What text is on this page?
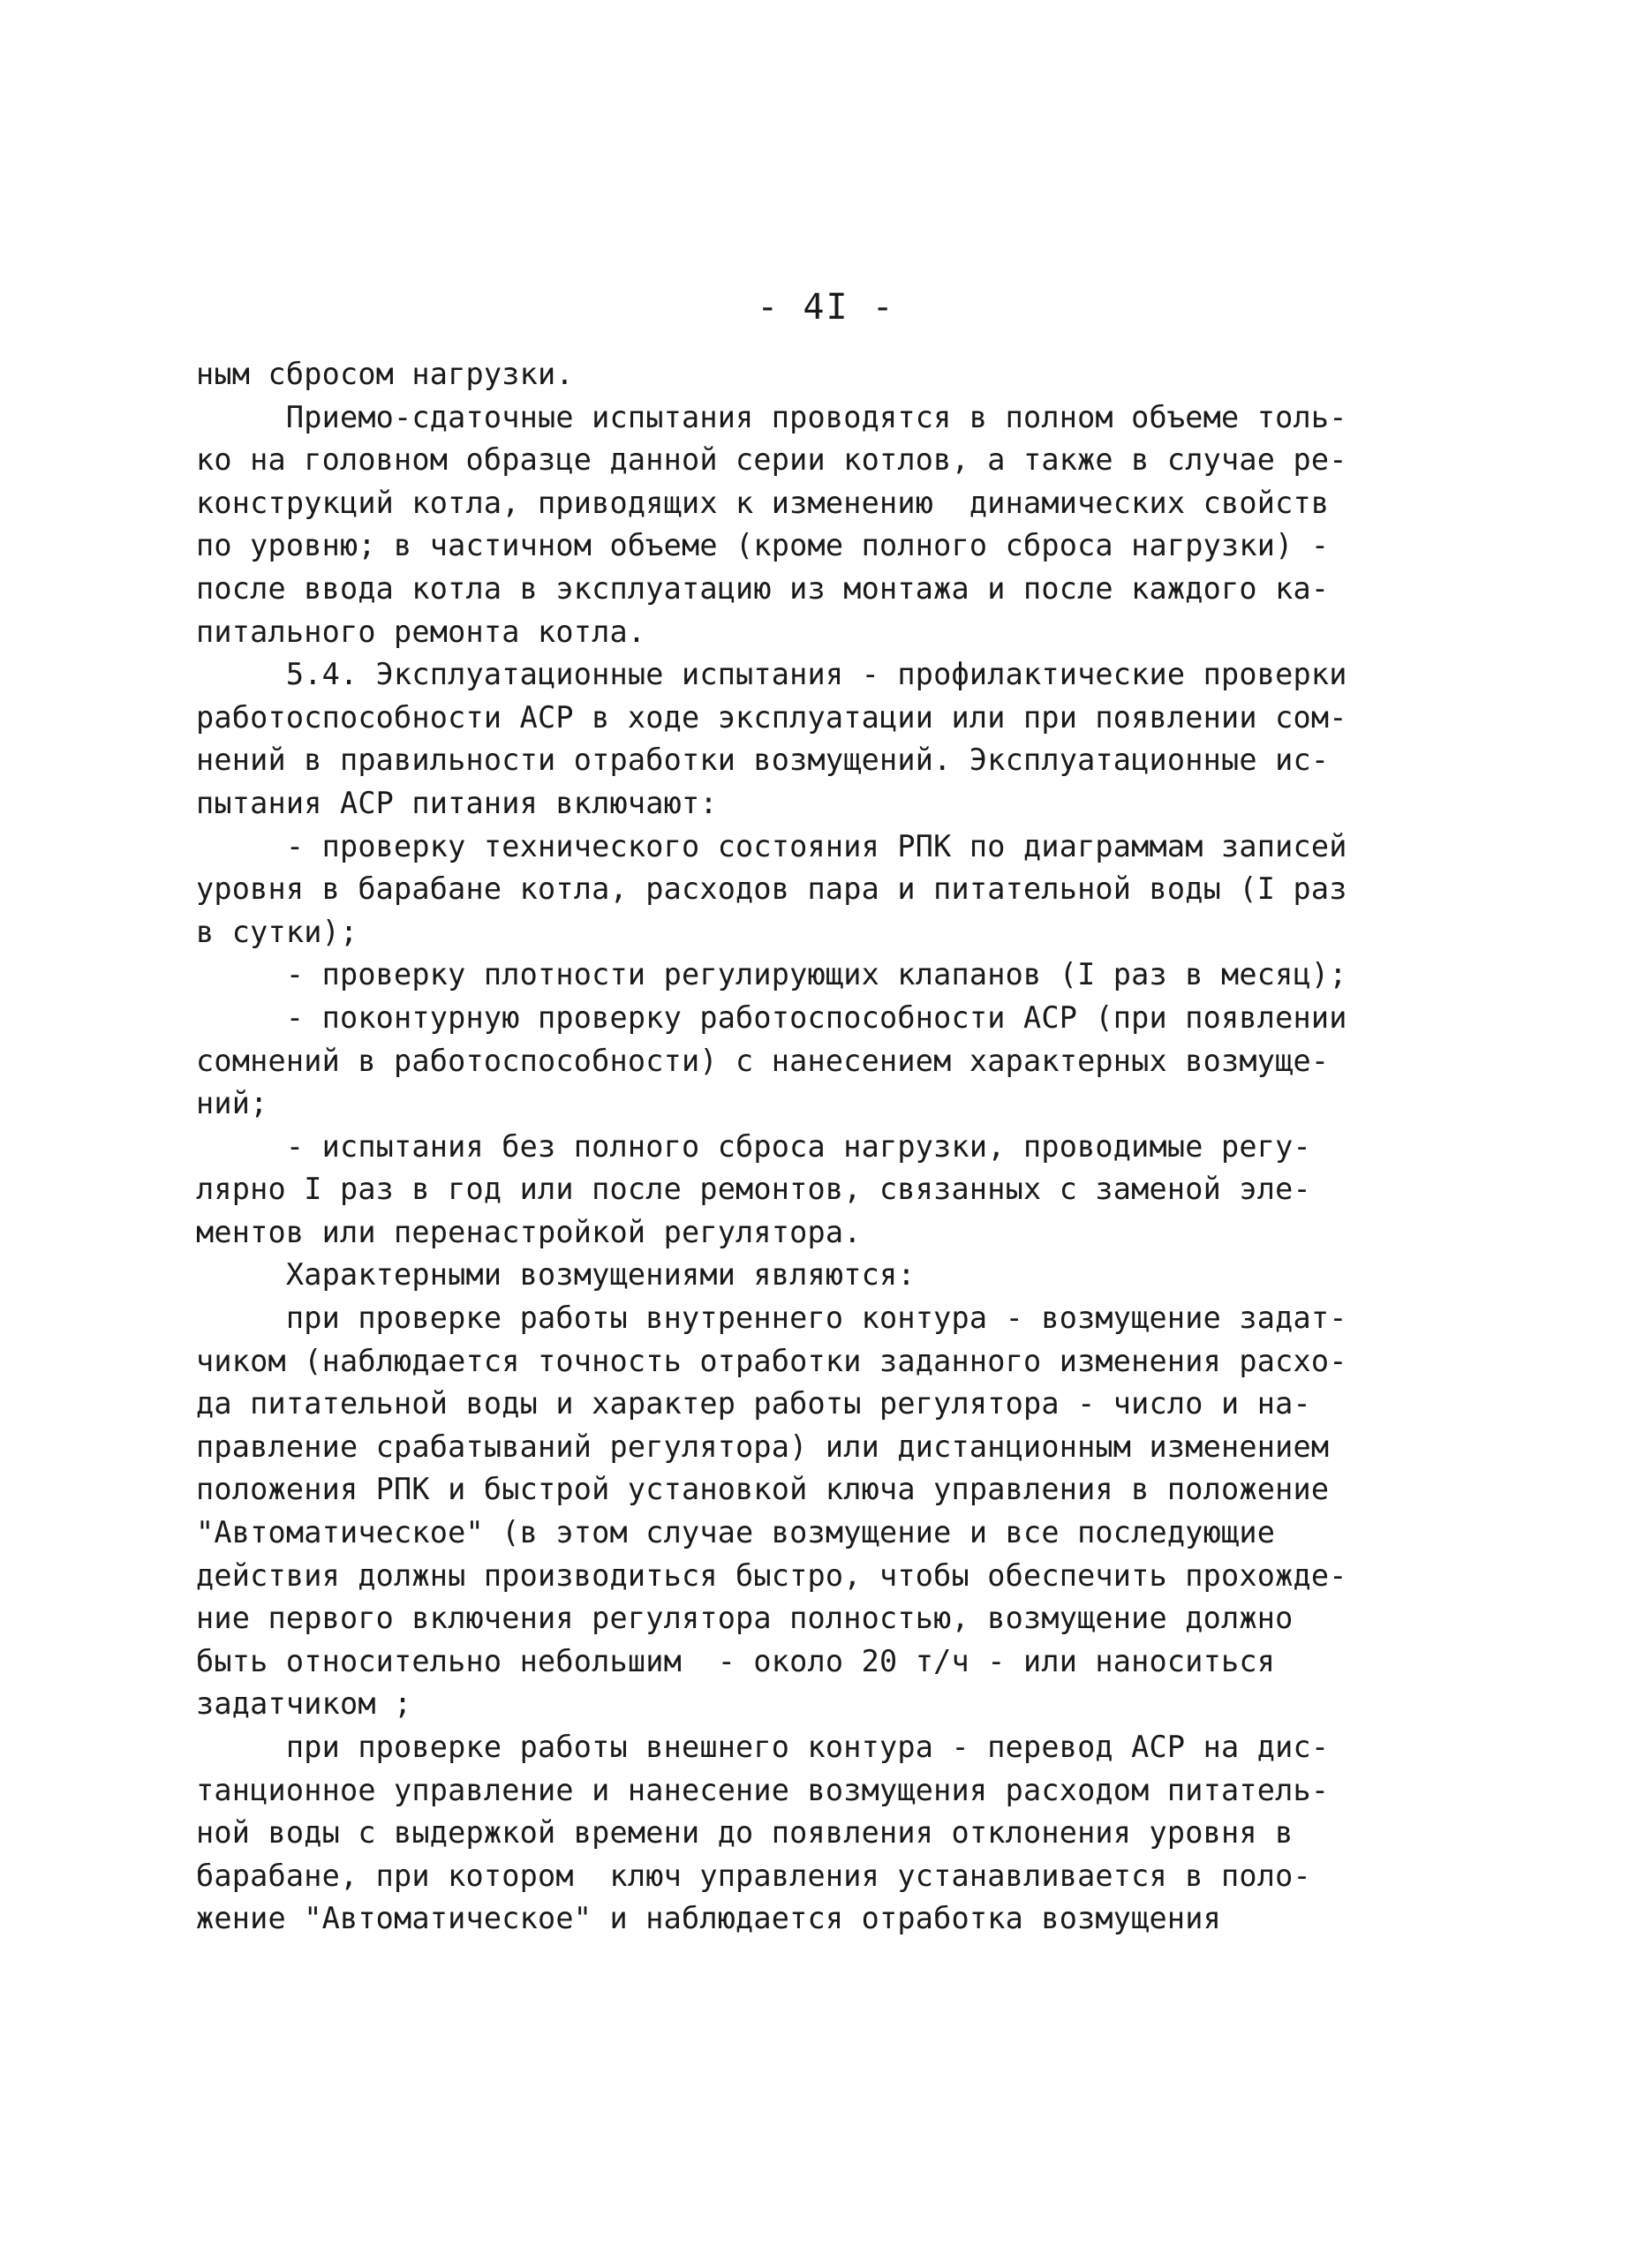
- 4I -
ным сбросом нагрузки.
Приемо-сдаточные испытания проводятся в полном объеме толь-
ко на головном образце данной серии котлов, а также в случае ре-
конструкций котла, приводящих к изменению  динамических свойств
по уровню; в частичном объеме (кроме полного сброса нагрузки) -
после ввода котла в эксплуатацию из монтажа и после каждого ка-
питального ремонта котла.
5.4. Эксплуатационные испытания - профилактические проверки
работоспособности АСР в ходе эксплуатации или при появлении сом-
нений в правильности отработки возмущений. Эксплуатационные ис-
пытания АСР питания включают:
- проверку технического состояния РПК по диаграммам записей
уровня в барабане котла, расходов пара и питательной воды (I раз
в сутки);
- проверку плотности регулирующих клапанов (I раз в месяц);
- поконтурную проверку работоспособности АСР (при появлении
сомнений в работоспособности) с нанесением характерных возмуще-
ний;
- испытания без полного сброса нагрузки, проводимые регу-
лярно I раз в год или после ремонтов, связанных с заменой эле-
ментов или перенастройкой регулятора.
Характерными возмущениями являются:
при проверке работы внутреннего контура - возмущение задат-
чиком (наблюдается точность отработки заданного изменения расхо-
да питательной воды и характер работы регулятора - число и на-
правление срабатываний регулятора) или дистанционным изменением
положения РПК и быстрой установкой ключа управления в положение
"Автоматическое" (в этом случае возмущение и все последующие
действия должны производиться быстро, чтобы обеспечить прохожде-
ние первого включения регулятора полностью, возмущение должно
быть относительно небольшим  - около 20 т/ч - или наноситься
задатчиком ;
при проверке работы внешнего контура - перевод АСР на дис-
танционное управление и нанесение возмущения расходом питатель-
ной воды с выдержкой времени до появления отклонения уровня в
барабане, при котором  ключ управления устанавливается в поло-
жение "Автоматическое" и наблюдается отработка возмущения
